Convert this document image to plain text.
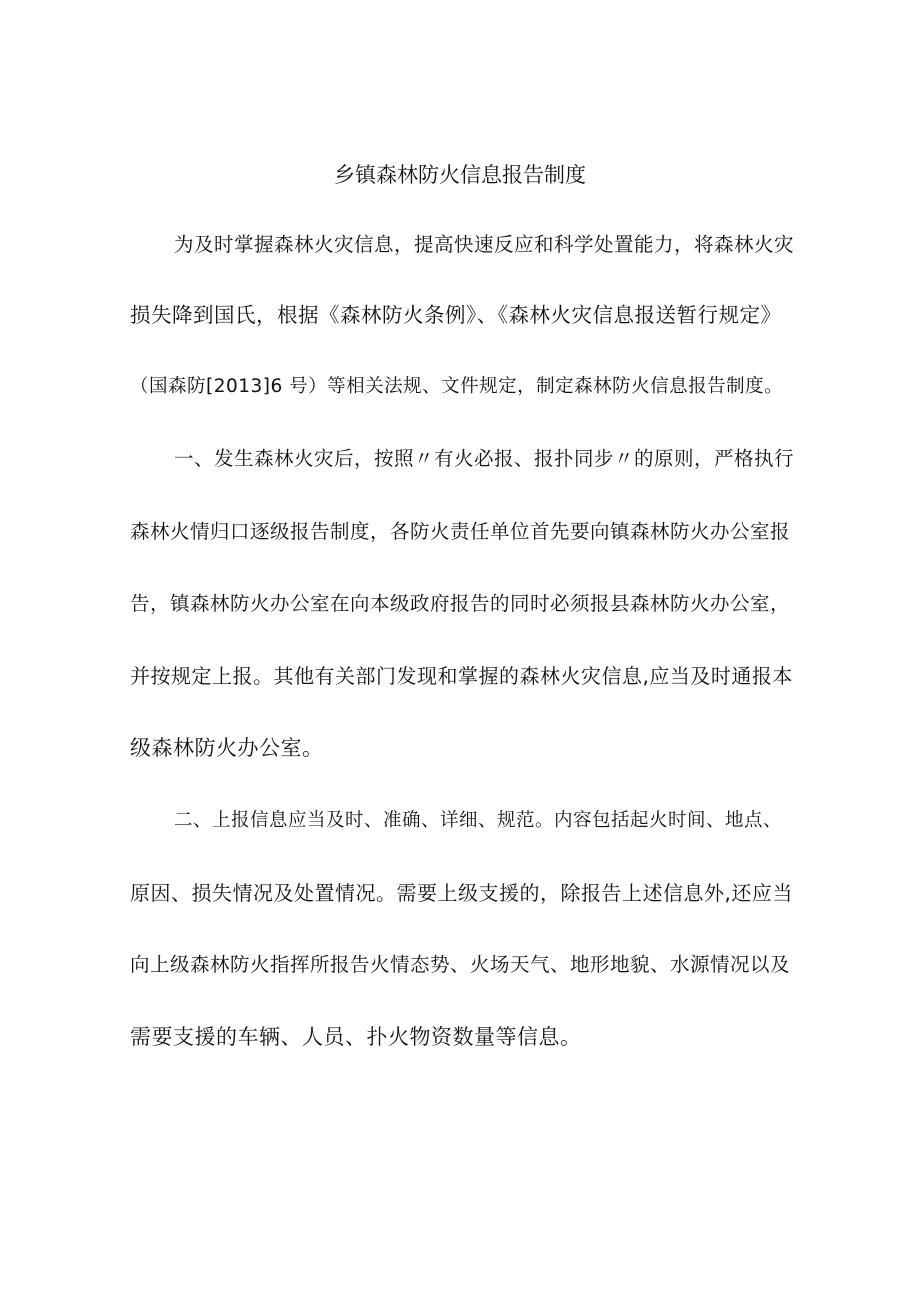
乡镇森林防火信息报告制度
为及时掌握森林火灾信息，提高快速反应和科学处置能力，将森林火灾
损失降到国氏，根据《森林防火条例》、《森林火灾信息报送暂行规定》
（国森防[2013]6 号）等相关法规、文件规定，制定森林防火信息报告制度。
一、发生森林火灾后，按照〃有火必报、报扑同步〃的原则，严格执行
森林火情归口逐级报告制度，各防火责任单位首先要向镇森林防火办公室报
告，镇森林防火办公室在向本级政府报告的同时必须报县森林防火办公室，
并按规定上报。其他有关部门发现和掌握的森林火灾信息,应当及时通报本
级森林防火办公室。
二、上报信息应当及时、准确、详细、规范。内容包括起火时间、地点、
原因、损失情况及处置情况。需要上级支援的，除报告上述信息外,还应当
向上级森林防火指挥所报告火情态势、火场天气、地形地貌、水源情况以及
需要支援的车辆、人员、扑火物资数量等信息。
